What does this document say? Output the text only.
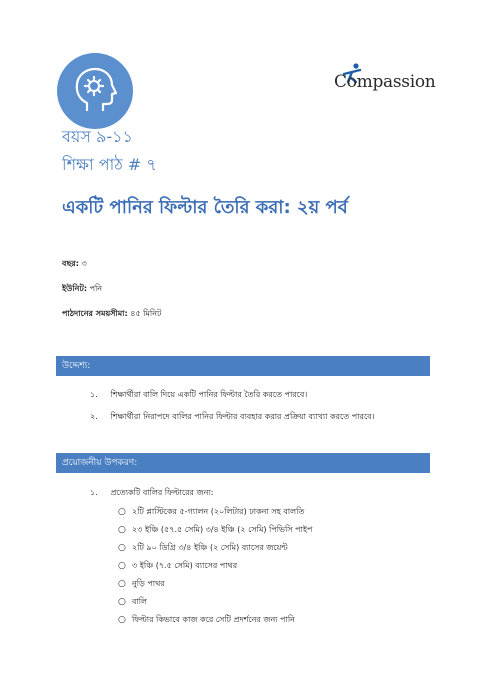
Compassion
বয়স ৯-১১
শিক্ষা পাঠ # ৭
একটি পানির ফিল্টার তৈরি করা: ২য় পর্ব
বছর: ৩
ইউনিট: পনি
পাঠদানের সময়সীমা: ৪৫ মিনিট
উদ্দেশ্য:
১. শিক্ষার্থীরা বালি দিয়ে একটি পানির ফিল্টার তৈরি করতে পারবে।
২. শিক্ষার্থীরা নিরাপদে বালির পানির ফিল্টার ব্যবহার করার প্রক্রিয়া ব্যাখ্যা করতে পারবে।
প্রয়োজনীয় উপকরণ:
১. প্রত্যেকটি বালির ফিল্টারের জন্য:
○ ২টি প্লাস্টিকের ৫-গ্যালন (২০লিটার) ঢাকনা সহ বালতি
○ ২৩ ইঞ্চি (৫৭.৫ সেমি) ৩/৪ ইঞ্চি (২ সেমি) পিভিসি পাইপ
○ ২টি ৯০ ডিগ্রি ৩/৪ ইঞ্চি (২ সেমি) ব্যাসের জয়েন্ট
○ ৩ ইঞ্চি (৭.৫ সেমি) ব্যাসের পাথর
○ নুড়ি পাথর
○ বালি
○ ফিল্টার কিভাবে কাজ করে সেটি প্রদর্শনের জন্য পানি
